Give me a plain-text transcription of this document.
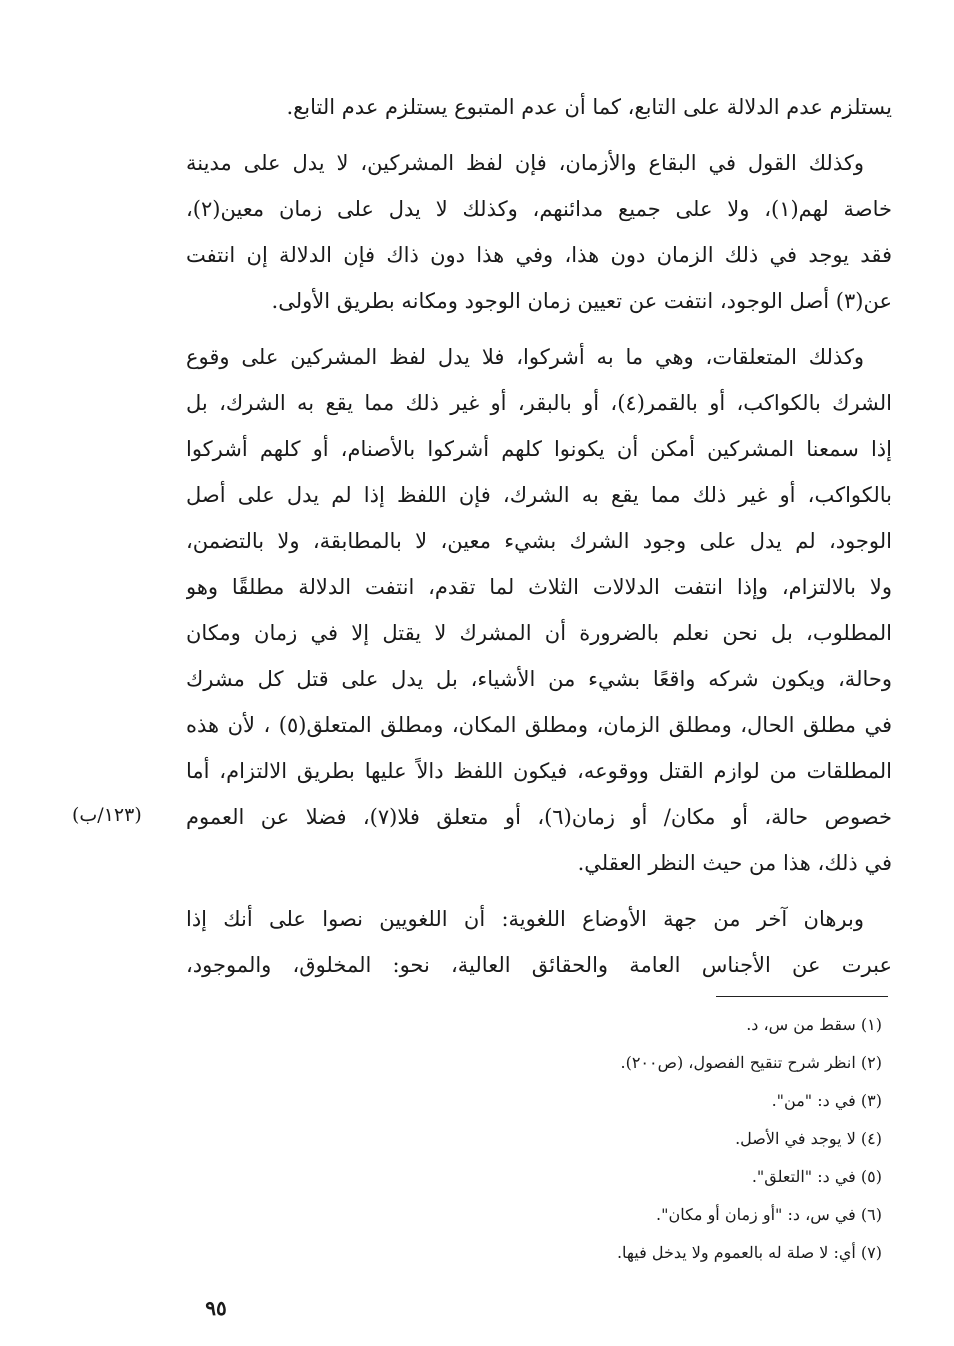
يستلزم عدم الدلالة على التابع، كما أن عدم المتبوع يستلزم عدم التابع.
وكذلك القول في البقاع والأزمان، فإن لفظ المشركين، لا يدل على مدينة
خاصة لهم(١)، ولا على جميع مدائنهم، وكذلك لا يدل على زمان معين(٢)،
فقد يوجد في ذلك الزمان دون هذا، وفي هذا دون ذاك فإن الدلالة إن انتفت
عن(٣) أصل الوجود، انتفت عن تعيين زمان الوجود ومكانه بطريق الأولى.
وكذلك المتعلقات، وهي ما به أشركوا، فلا يدل لفظ المشركين على وقوع
الشرك بالكواكب، أو بالقمر(٤)، أو بالبقر، أو غير ذلك مما يقع به الشرك، بل
إذا سمعنا المشركين أمكن أن يكونوا كلهم أشركوا بالأصنام، أو كلهم أشركوا
بالكواكب، أو غير ذلك مما يقع به الشرك، فإن اللفظ إذا لم يدل على أصل
الوجود، لم يدل على وجود الشرك بشيء معين، لا بالمطابقة، ولا بالتضمن،
ولا بالالتزام، وإذا انتفت الدلالات الثلاث لما تقدم، انتفت الدلالة مطلقًا وهو
المطلوب، بل نحن نعلم بالضرورة أن المشرك لا يقتل إلا في زمان ومكان
وحالة، ويكون شركه واقعًا بشيء من الأشياء، بل يدل على قتل كل مشرك
في مطلق الحال، ومطلق الزمان، ومطلق المكان، ومطلق المتعلق(٥) ، لأن هذه
المطلقات من لوازم القتل ووقوعه، فيكون اللفظ دالاً عليها بطريق الالتزام، أما
خصوص حالة، أو مكان/ أو زمان(٦)، أو متعلق فلا(٧)، فضلا عن العموم
في ذلك، هذا من حيث النظر العقلي.
وبرهان آخر من جهة الأوضاع اللغوية: أن اللغويين نصوا على أنك إذا
عبرت عن الأجناس العامة والحقائق العالية، نحو: المخلوق، والموجود،
(١٢٣/ب)
(١) سقط من س، د.
(٢) انظر شرح تنقيح الفصول، (ص٢٠٠).
(٣) في د: "من".
(٤) لا يوجد في الأصل.
(٥) في د: "التعلق".
(٦) في س، د: "أو زمان أو مكان".
(٧) أي: لا صلة له بالعموم ولا يدخل فيها.
٩٥
